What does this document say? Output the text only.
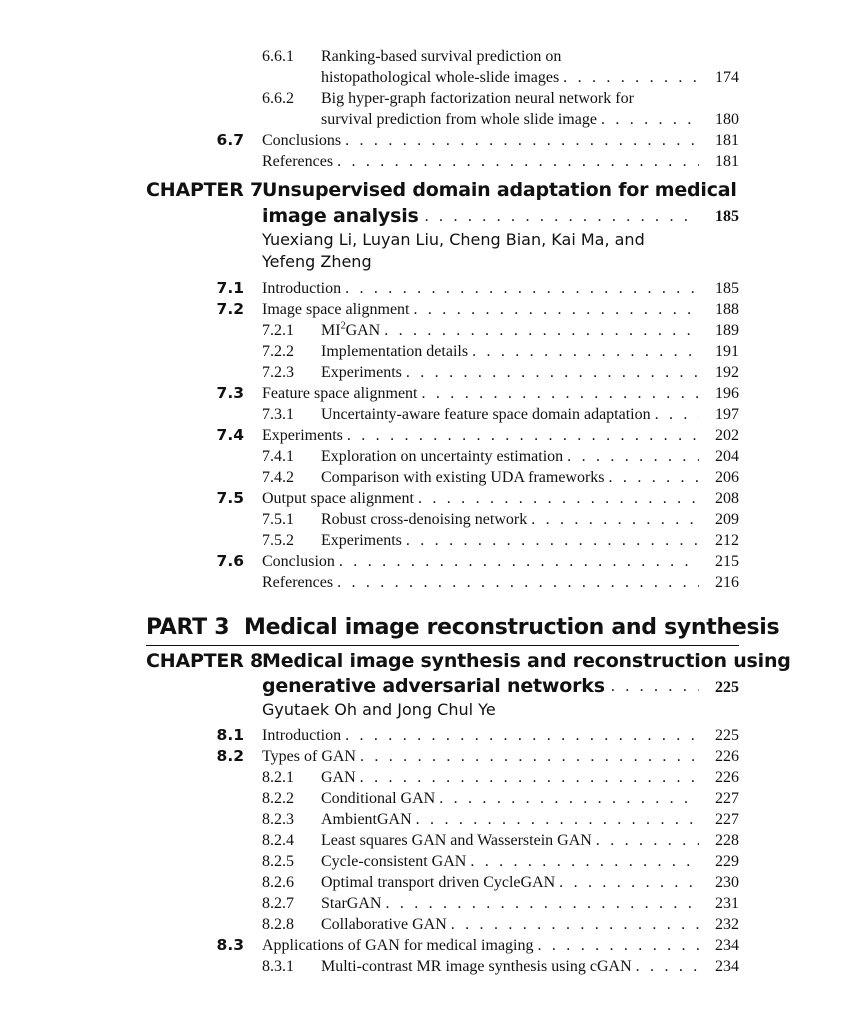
6.6.1 Ranking-based survival prediction on
histopathological whole-slide images . . .	174
6.6.2 Big hyper-graph factorization neural network for
survival prediction from whole slide image . . .	180
6.7 Conclusions . . .	181
References . . .	181
CHAPTER 7
Unsupervised domain adaptation for medical
image analysis . . .	185
Yuexiang Li, Luyan Liu, Cheng Bian, Kai Ma, and
Yefeng Zheng
7.1 Introduction . . .	185
7.2 Image space alignment . . .	188
7.2.1 $MI^2GAN$ . . .	189
7.2.2 Implementation details . . .	191
7.2.3 Experiments . . .	192
7.3 Feature space alignment . . .	196
7.3.1 Uncertainty-aware feature space domain adaptation . . .	197
7.4 Experiments . . .	202
7.4.1 Exploration on uncertainty estimation . . .	204
7.4.2 Comparison with existing UDA frameworks . . .	206
7.5 Output space alignment . . .	208
7.5.1 Robust cross-denoising network . . .	209
7.5.2 Experiments . . .	212
7.6 Conclusion . . .	215
References . . .	216
PART 3 Medical image reconstruction and synthesis
CHAPTER 8
Medical image synthesis and reconstruction using
generative adversarial networks . . .	225
Gyutaek Oh and Jong Chul Ye
8.1 Introduction . . .	225
8.2 Types of GAN . . .	226
8.2.1 GAN . . .	226
8.2.2 Conditional GAN . . .	227
8.2.3 AmbientGAN . . .	227
8.2.4 Least squares GAN and Wasserstein GAN . . .	228
8.2.5 Cycle-consistent GAN . . .	229
8.2.6 Optimal transport driven CycleGAN . . .	230
8.2.7 StarGAN . . .	231
8.2.8 Collaborative GAN . . .	232
8.3 Applications of GAN for medical imaging . . .	234
8.3.1 Multi-contrast MR image synthesis using cGAN . . .	234
